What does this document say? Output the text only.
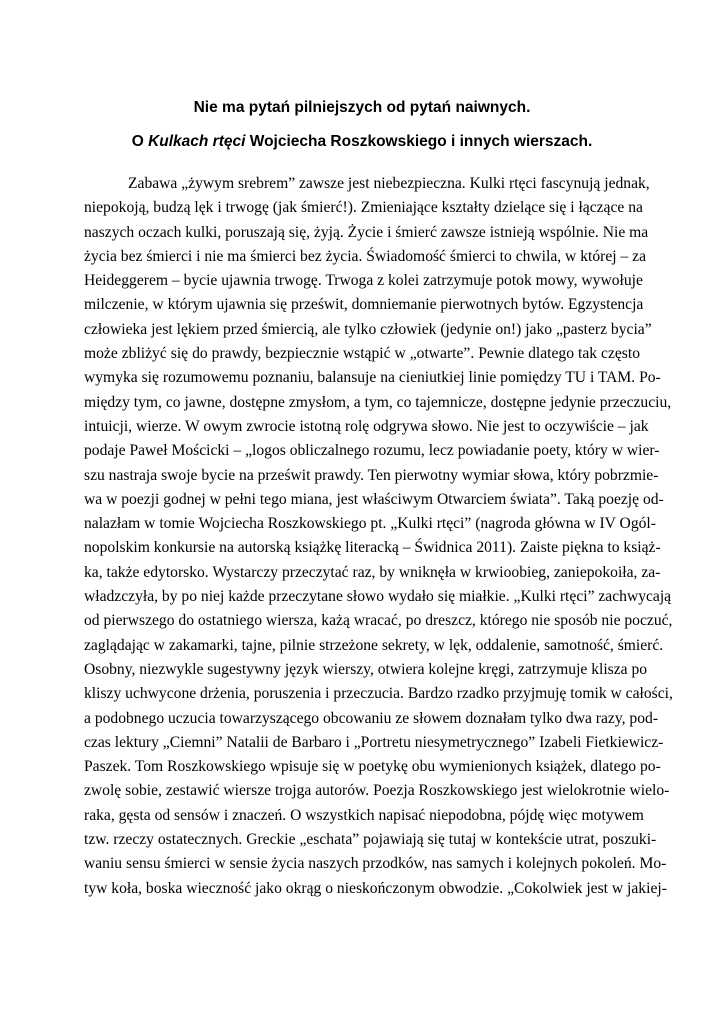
Nie ma pytań pilniejszych od pytań naiwnych.
O Kulkach rtęci Wojciecha Roszkowskiego i innych wierszach.
Zabawa „żywym srebrem” zawsze jest niebezpieczna. Kulki rtęci fascynują jednak,
niepokoją, budzą lęk i trwogę (jak śmierć!). Zmieniające kształty dzielące się i łączące na
naszych oczach kulki, poruszają się, żyją. Życie i śmierć zawsze istnieją wspólnie. Nie ma
życia bez śmierci i nie ma śmierci bez życia. Świadomość śmierci to chwila, w której – za
Heideggerem – bycie ujawnia trwogę. Trwoga z kolei zatrzymuje potok mowy, wywołuje
milczenie, w którym ujawnia się prześwit, domniemanie pierwotnych bytów. Egzystencja
człowieka jest lękiem przed śmiercią, ale tylko człowiek (jedynie on!) jako „pasterz bycia”
może zbliżyć się do prawdy, bezpiecznie wstąpić w „otwarte”. Pewnie dlatego tak często
wymyka się rozumowemu poznaniu, balansuje na cieniutkiej linie pomiędzy TU i TAM. Po-
między tym, co jawne, dostępne zmysłom, a tym, co tajemnicze, dostępne jedynie przeczuciu,
intuicji, wierze. W owym zwrocie istotną rolę odgrywa słowo. Nie jest to oczywiście – jak
podaje Paweł Mościcki – „logos obliczalnego rozumu, lecz powiadanie poety, który w wier-
szu nastraja swoje bycie na prześwit prawdy. Ten pierwotny wymiar słowa, który pobrzmie-
wa w poezji godnej w pełni tego miana, jest właściwym Otwarciem świata”. Taką poezję od-
nalazłam w tomie Wojciecha Roszkowskiego pt. „Kulki rtęci” (nagroda główna w IV Ogól-
nopolskim konkursie na autorską książkę literacką – Świdnica 2011). Zaiste piękna to książ-
ka, także edytorsko. Wystarczy przeczytać raz, by wniknęła w krwioobieg, zaniepokoiła, za-
władzczyła, by po niej każde przeczytane słowo wydało się miałkie. „Kulki rtęci” zachwycają
od pierwszego do ostatniego wiersza, każą wracać, po dreszcz, którego nie sposób nie poczuć,
zaglądając w zakamarki, tajne, pilnie strzeżone sekrety, w lęk, oddalenie, samotność, śmierć.
Osobny, niezwykle sugestywny język wierszy, otwiera kolejne kręgi, zatrzymuje klisza po
kliszy uchwycone drżenia, poruszenia i przeczucia. Bardzo rzadko przyjmuję tomik w całości,
a podobnego uczucia towarzyszącego obcowaniu ze słowem doznałam tylko dwa razy, pod-
czas lektury „Ciemni” Natalii de Barbaro i „Portretu niesymetrycznego” Izabeli Fietkiewicz-
Paszek. Tom Roszkowskiego wpisuje się w poetykę obu wymienionych książek, dlatego po-
zwolę sobie, zestawić wiersze trojga autorów. Poezja Roszkowskiego jest wielokrotnie wielo-
raka, gęsta od sensów i znaczeń. O wszystkich napisać niepodobna, pójdę więc motywem
tzw. rzeczy ostatecznych. Greckie „eschata” pojawiają się tutaj w kontekście utrat, poszuki-
waniu sensu śmierci w sensie życia naszych przodków, nas samych i kolejnych pokoleń. Mo-
tyw koła, boska wieczność jako okrąg o nieskończonym obwodzie. „Cokolwiek jest w jakiej-
